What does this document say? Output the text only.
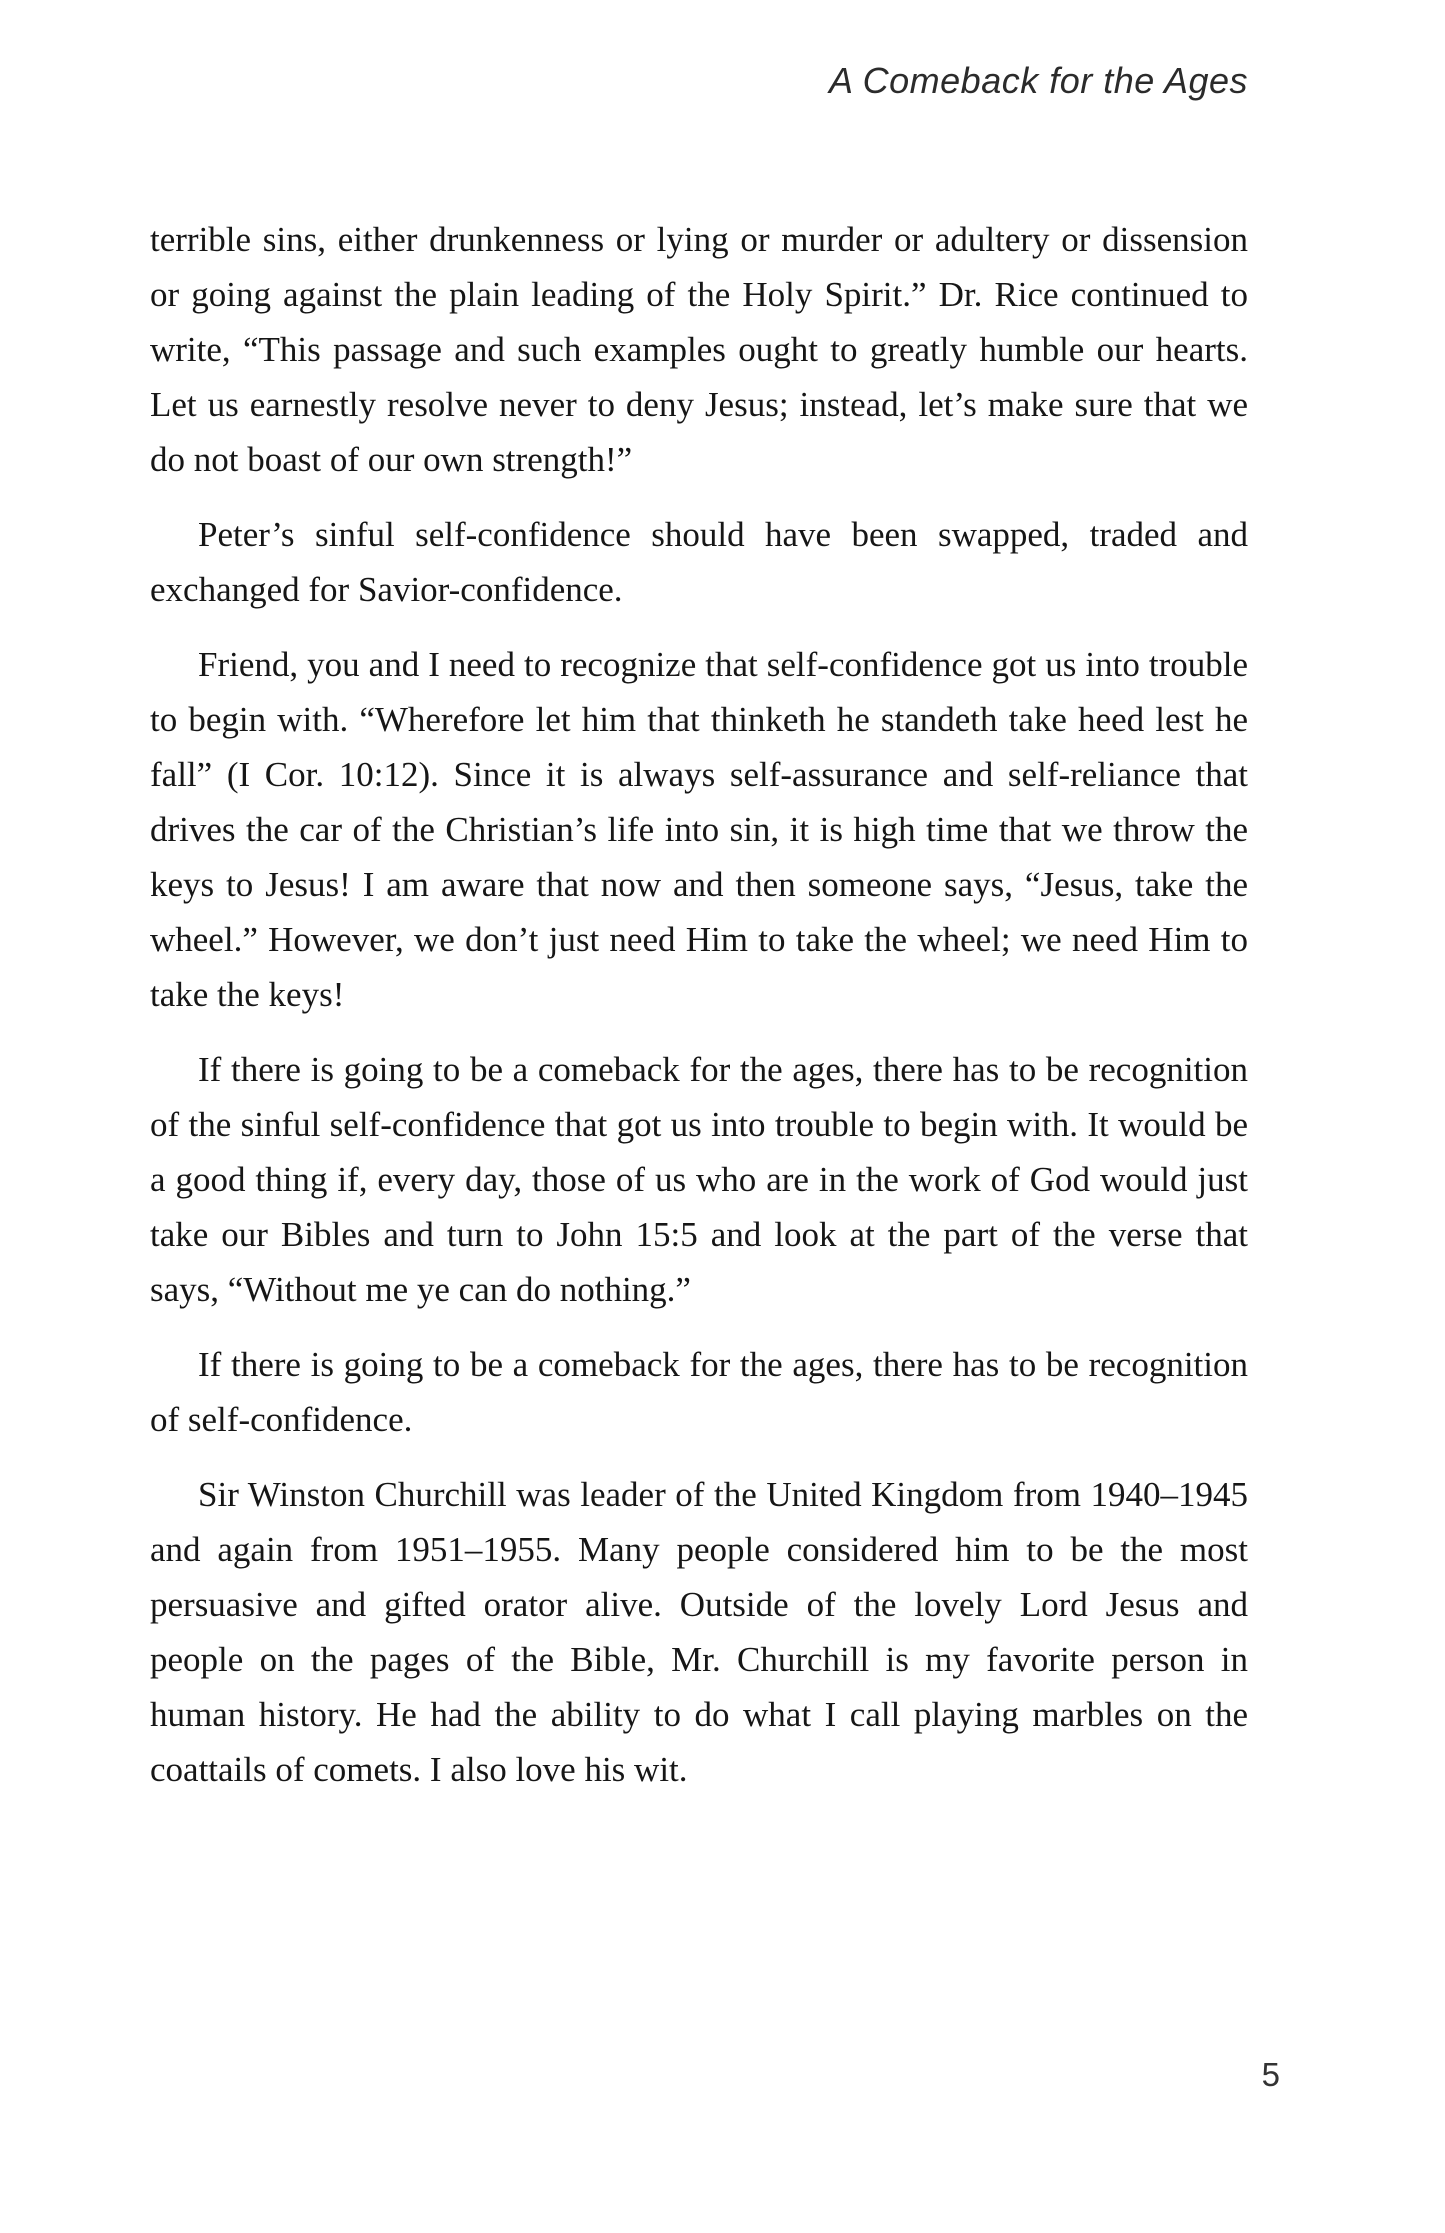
A Comeback for the Ages

terrible sins, either drunkenness or lying or murder or adultery or dissension or going against the plain leading of the Holy Spirit.” Dr. Rice continued to write, “This passage and such examples ought to greatly humble our hearts. Let us earnestly resolve never to deny Jesus; instead, let’s make sure that we do not boast of our own strength!”

Peter’s sinful self-confidence should have been swapped, traded and exchanged for Savior-confidence.

Friend, you and I need to recognize that self-confidence got us into trouble to begin with. “Wherefore let him that thinketh he standeth take heed lest he fall” (I Cor. 10:12). Since it is always self-assurance and self-reliance that drives the car of the Christian’s life into sin, it is high time that we throw the keys to Jesus! I am aware that now and then someone says, “Jesus, take the wheel.” However, we don’t just need Him to take the wheel; we need Him to take the keys!

If there is going to be a comeback for the ages, there has to be recognition of the sinful self-confidence that got us into trouble to begin with. It would be a good thing if, every day, those of us who are in the work of God would just take our Bibles and turn to John 15:5 and look at the part of the verse that says, “Without me ye can do nothing.”

If there is going to be a comeback for the ages, there has to be recognition of self-confidence.

Sir Winston Churchill was leader of the United Kingdom from 1940–1945 and again from 1951–1955. Many people considered him to be the most persuasive and gifted orator alive. Outside of the lovely Lord Jesus and people on the pages of the Bible, Mr. Churchill is my favorite person in human history. He had the ability to do what I call playing marbles on the coattails of comets. I also love his wit.

5
